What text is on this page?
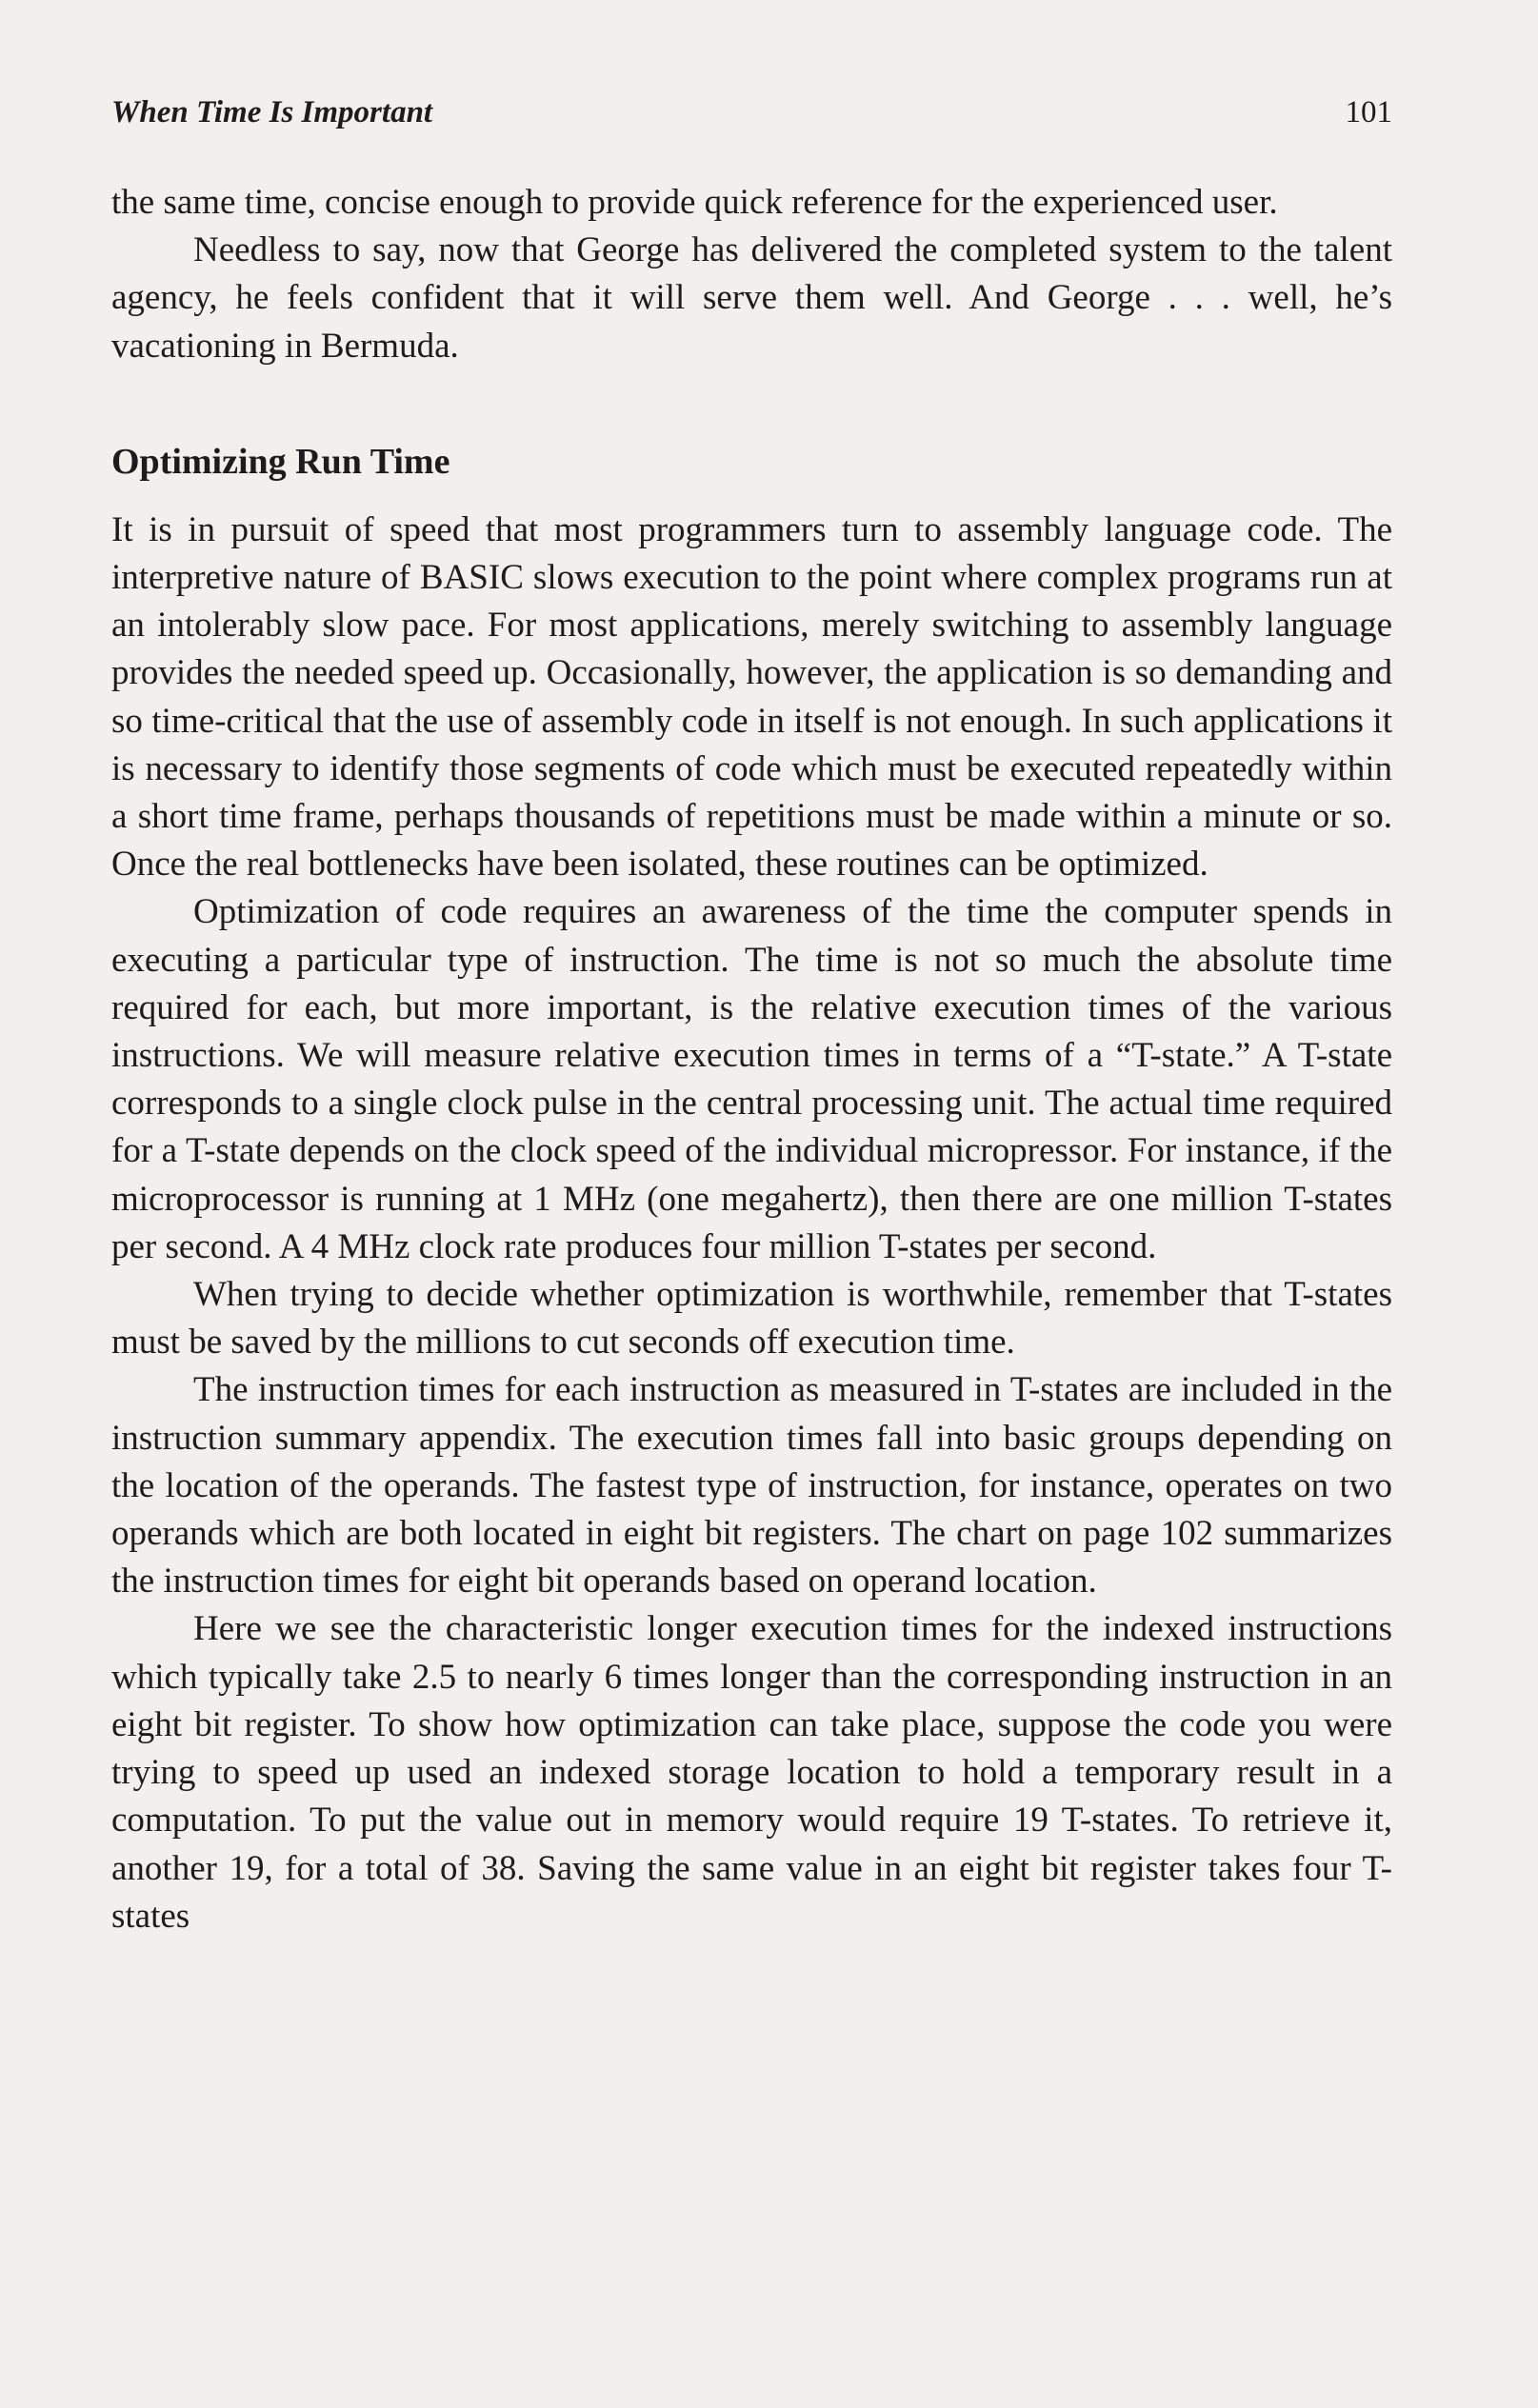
When Time Is Important	101

the same time, concise enough to provide quick reference for the experienced user.

Needless to say, now that George has delivered the completed system to the talent agency, he feels confident that it will serve them well. And George . . . well, he’s vacationing in Bermuda.

Optimizing Run Time

It is in pursuit of speed that most programmers turn to assembly language code. The interpretive nature of BASIC slows execution to the point where complex programs run at an intolerably slow pace. For most applications, merely switching to assembly language provides the needed speed up. Occasionally, however, the application is so demanding and so time-critical that the use of assembly code in itself is not enough. In such applications it is necessary to identify those segments of code which must be executed repeatedly within a short time frame, perhaps thousands of repetitions must be made within a minute or so. Once the real bottlenecks have been isolated, these routines can be optimized.

Optimization of code requires an awareness of the time the computer spends in executing a particular type of instruction. The time is not so much the absolute time required for each, but more important, is the relative execution times of the various instructions. We will measure relative execution times in terms of a “T-state.” A T-state corresponds to a single clock pulse in the central processing unit. The actual time required for a T-state depends on the clock speed of the individual micropressor. For instance, if the microprocessor is running at 1 MHz (one megahertz), then there are one million T-states per second. A 4 MHz clock rate produces four million T-states per second.

When trying to decide whether optimization is worthwhile, remember that T-states must be saved by the millions to cut seconds off execution time.

The instruction times for each instruction as measured in T-states are included in the instruction summary appendix. The execution times fall into basic groups depending on the location of the operands. The fastest type of instruction, for instance, operates on two operands which are both located in eight bit registers. The chart on page 102 summarizes the instruction times for eight bit operands based on operand location.

Here we see the characteristic longer execution times for the indexed instructions which typically take 2.5 to nearly 6 times longer than the corresponding instruction in an eight bit register. To show how optimization can take place, suppose the code you were trying to speed up used an indexed storage location to hold a temporary result in a computation. To put the value out in memory would require 19 T-states. To retrieve it, another 19, for a total of 38. Saving the same value in an eight bit register takes four T-states
